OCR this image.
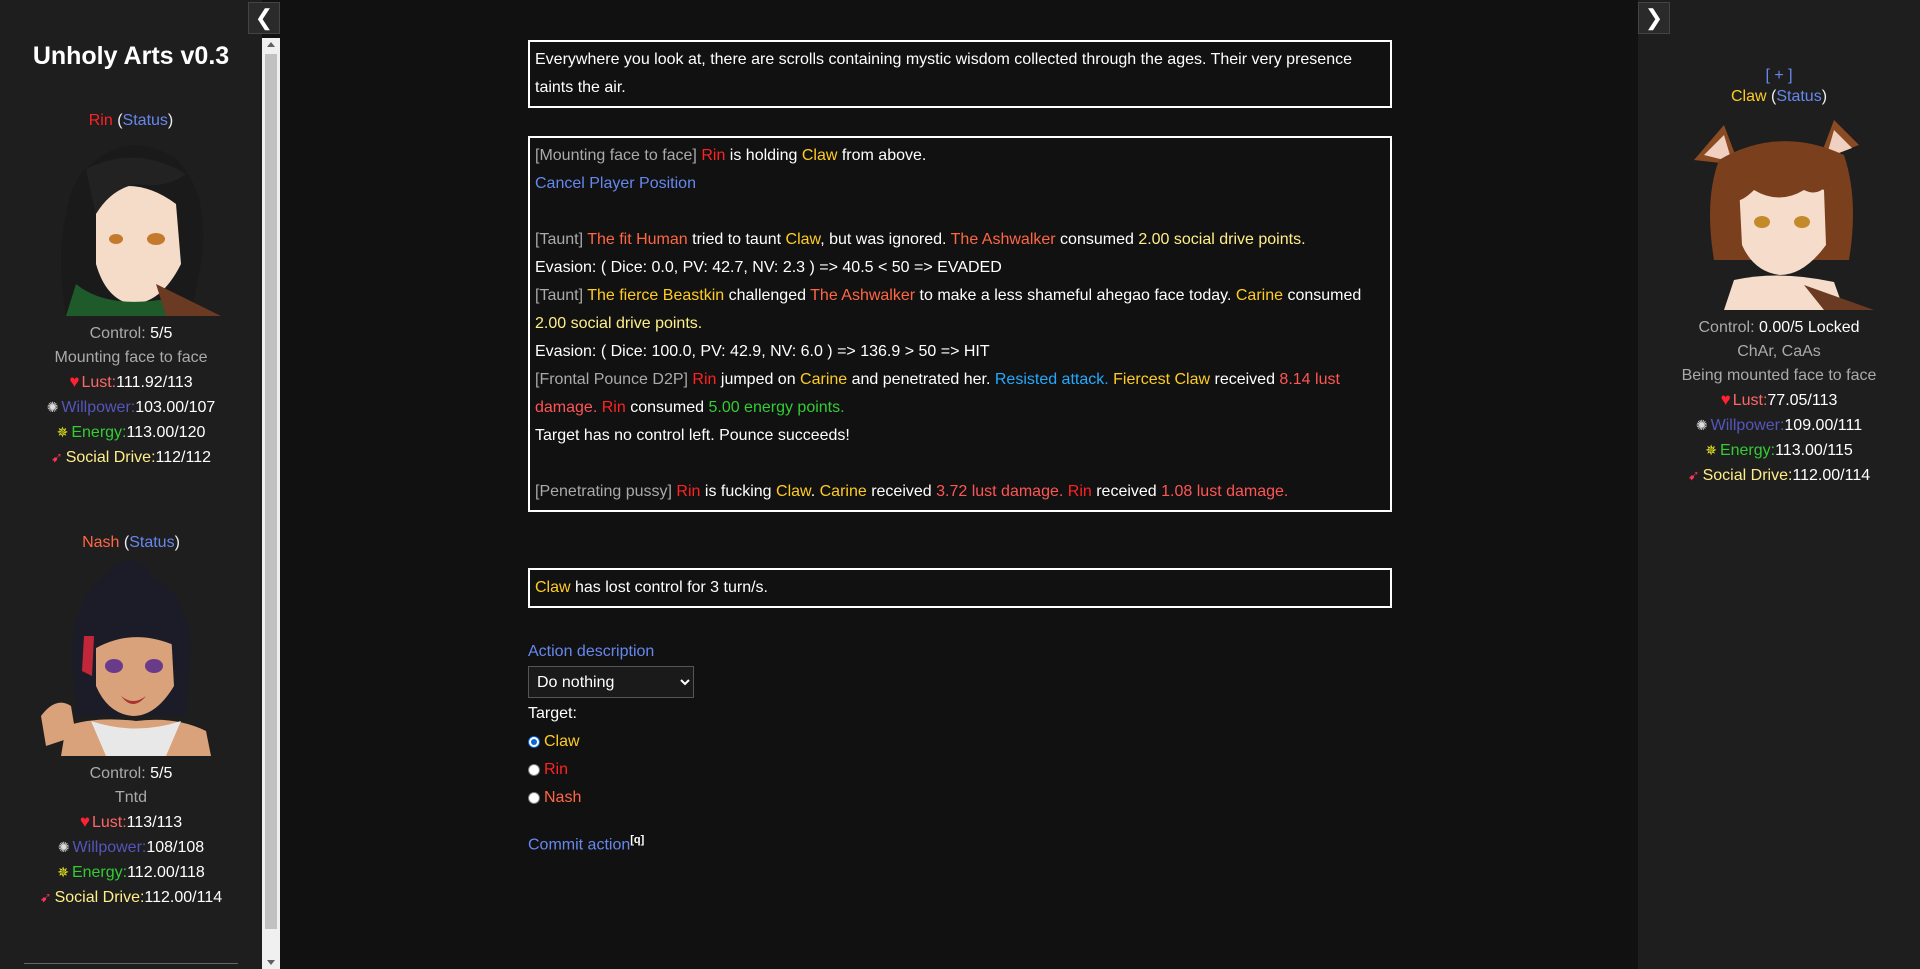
Unholy Arts v0.3
Rin (Status)
Control: 5/5
Mounting face to face
♥ Lust:111.92/113
✺ Willpower:103.00/107
✵ Energy:113.00/120
➹ Social Drive:112/112
Nash (Status)
Control: 5/5
Tntd
♥ Lust:113/113
✺ Willpower:108/108
✵ Energy:112.00/118
➹ Social Drive:112.00/114
❮
[ + ]
Claw (Status)
Control: 0.00/5 Locked
ChAr, CaAs
Being mounted face to face
♥ Lust:77.05/113
✺ Willpower:109.00/111
✵ Energy:113.00/115
➹ Social Drive:112.00/114
❯
Everywhere you look at, there are scrolls containing mystic wisdom collected through the ages. Their very presence taints the air.
[Mounting face to face] Rin is holding Claw from above.
Cancel Player Position
[Taunt] The fit Human tried to taunt Claw, but was ignored. The Ashwalker consumed 2.00 social drive points.
Evasion: ( Dice: 0.0, PV: 42.7, NV: 2.3 ) => 40.5 < 50 => EVADED
[Taunt] The fierce Beastkin challenged The Ashwalker to make a less shameful ahegao face today. Carine consumed 2.00 social drive points.
Evasion: ( Dice: 100.0, PV: 42.9, NV: 6.0 ) => 136.9 > 50 => HIT
[Frontal Pounce D2P] Rin jumped on Carine and penetrated her. Resisted attack. Fiercest Claw received 8.14 lust damage. Rin consumed 5.00 energy points.
Target has no control left. Pounce succeeds!
[Penetrating pussy] Rin is fucking Claw. Carine received 3.72 lust damage. Rin received 1.08 lust damage.
Claw has lost control for 3 turn/s.
Action description
Do nothing
Target:
Claw
Rin
Nash
Commit action[q]
